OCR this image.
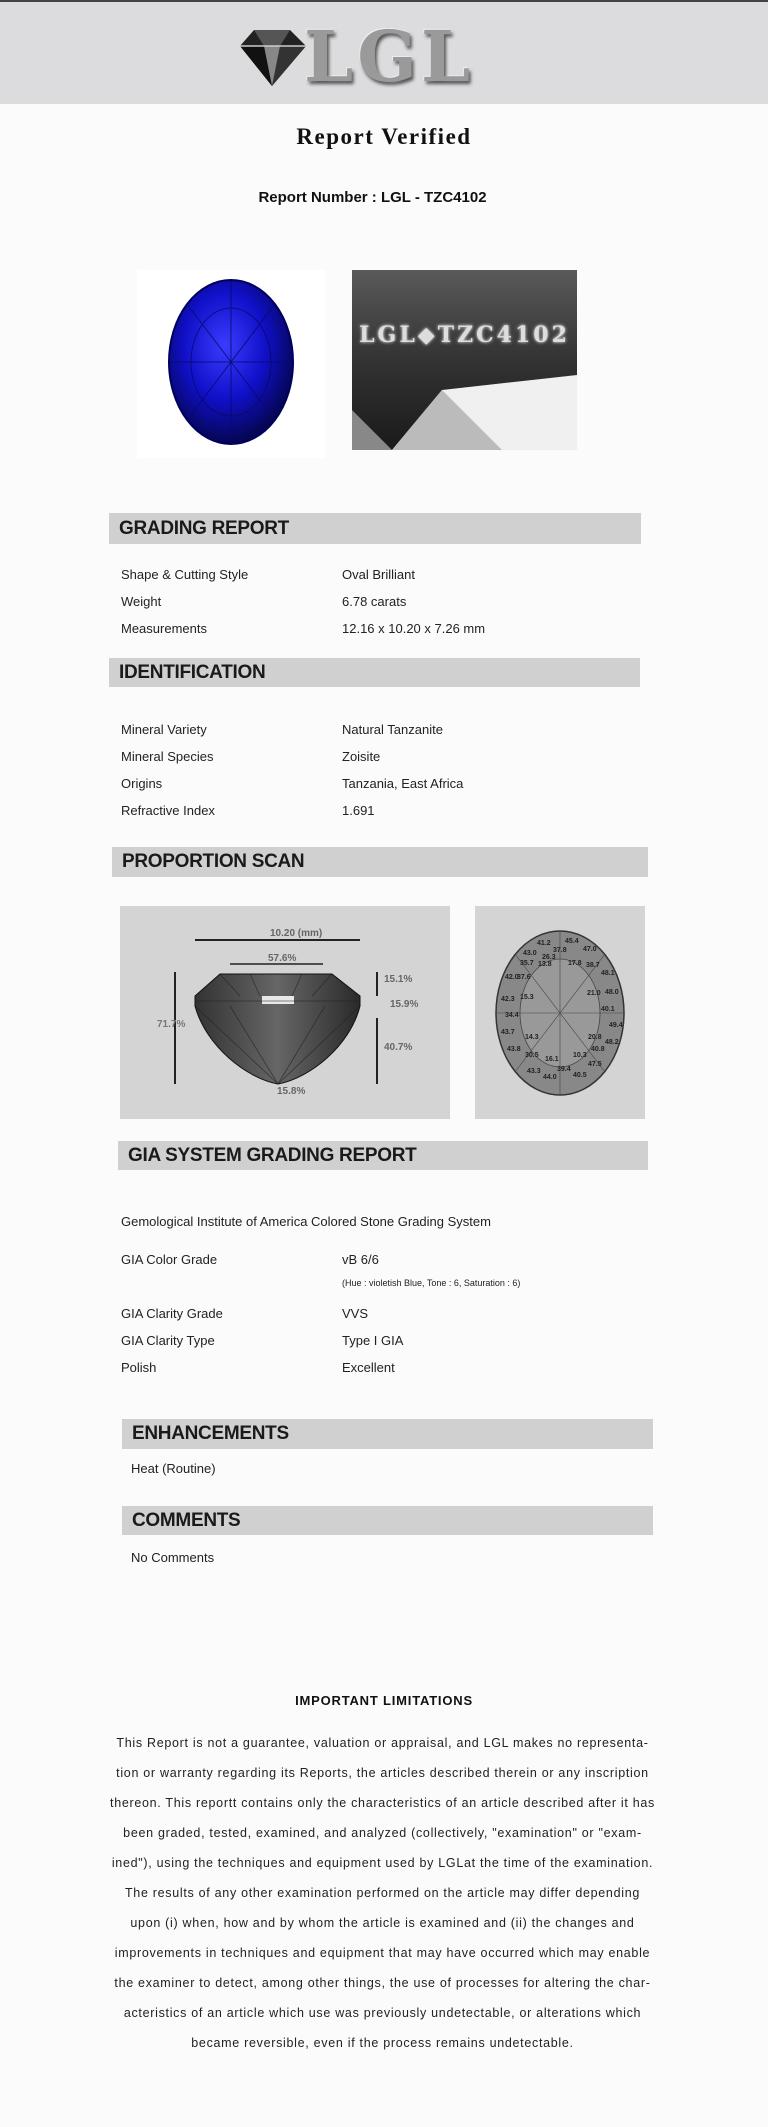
LGL
Report Verified
Report Number : LGL - TZC4102
LGL◆TZC4102
GRADING REPORT
Shape & Cutting Style	Oval Brilliant
Weight	6.78 carats
Measurements	12.16 x 10.20 x 7.26 mm
IDENTIFICATION
Mineral Variety	Natural Tanzanite
Mineral Species	Zoisite
Origins	Tanzania, East Africa
Refractive Index	1.691
PROPORTION SCAN
10.20 (mm)
57.6%
71.7%
15.1%
15.9%
40.7%
15.8%
41.2 45.4
47.0
35.7
43.0 37.8
26.3
13.8 17.8 38.7
42.0
37.6
48.1
15.3
21.0 48.0
42.3
40.1
34.4
20.8
49.4
43.7
14.3
48.2
43.8
10.3
40.8
30.5
16.1
47.5
43.3 39.4
44.0 40.5
GIA SYSTEM GRADING REPORT
Gemological Institute of America Colored Stone Grading System
GIA Color Grade	vB 6/6
(Hue : violetish Blue, Tone : 6, Saturation : 6)
GIA Clarity Grade	VVS
GIA Clarity Type	Type I GIA
Polish	Excellent
ENHANCEMENTS
Heat (Routine)
COMMENTS
No Comments
IMPORTANT LIMITATIONS
This Report is not a guarantee, valuation or appraisal, and LGL makes no representa-
tion or warranty regarding its Reports, the articles described therein or any inscription
thereon. This reportt contains only the characteristics of an article described after it has
been graded, tested, examined, and analyzed (collectively, "examination" or "exam-
ined"), using the techniques and equipment used by LGLat the time of the examination.
The results of any other examination performed on the article may differ depending
upon (i) when, how and by whom the article is examined and (ii) the changes and
improvements in techniques and equipment that may have occurred which may enable
the examiner to detect, among other things, the use of processes for altering the char-
acteristics of an article which use was previously undetectable, or alterations which
became reversible, even if the process remains undetectable.
